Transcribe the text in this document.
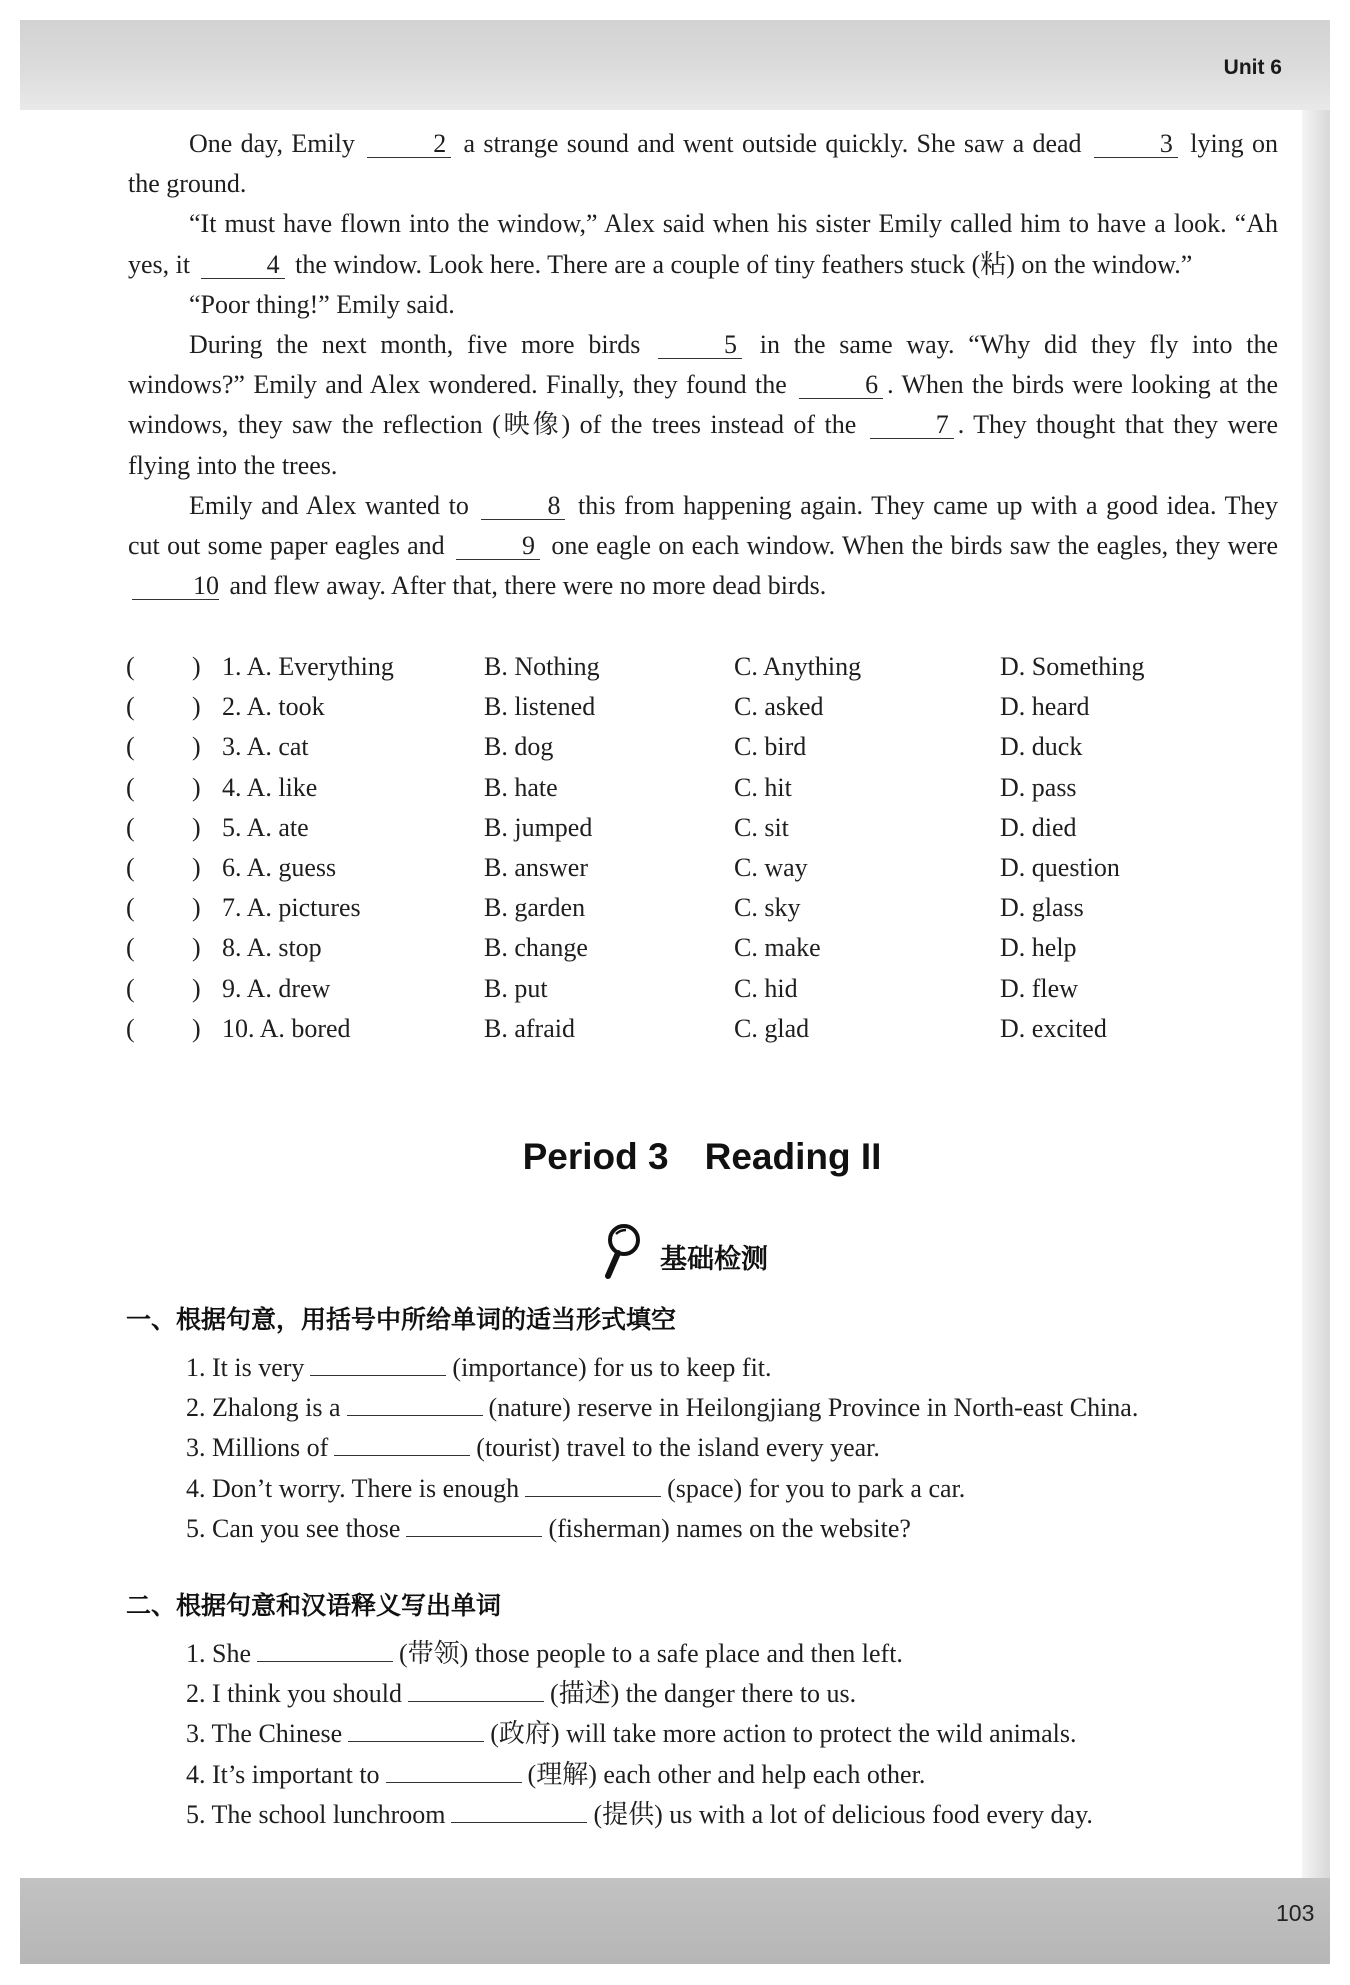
Unit 6
103

One day, Emily	2 a strange sound and went outside quickly. She saw a dead	3 lying on the ground.

“It must have flown into the window,” Alex said when his sister Emily called him to have a look. “Ah yes, it	4 the window. Look here. There are a couple of tiny feathers stuck (粘) on the window.”

“Poor thing!” Emily said.

During the next month, five more birds	5 in the same way. “Why did they fly into the windows?” Emily and Alex wondered. Finally, they found the	6 . When the birds were looking at the windows, they saw the reflection (映像) of the trees instead of the	7 . They thought that they were flying into the trees.

Emily and Alex wanted to	8 this from happening again. They came up with a good idea. They cut out some paper eagles and	9 one eagle on each window. When the birds saw the eagles, they were 10 and flew away. After that, there were no more dead birds.

( ) 1. A. Everything	B. Nothing	C. Anything	D. Something
( ) 2. A. took	B. listened	C. asked	D. heard
( ) 3. A. cat	B. dog	C. bird	D. duck
( ) 4. A. like	B. hate	C. hit	D. pass
( ) 5. A. ate	B. jumped	C. sit	D. died
( ) 6. A. guess	B. answer	C. way	D. question
( ) 7. A. pictures	B. garden	C. sky	D. glass
( ) 8. A. stop	B. change	C. make	D. help
( ) 9. A. drew	B. put	C. hid	D. flew
( ) 10. A. bored	B. afraid	C. glad	D. excited
Period 3 Reading II
基础检测
一、根据句意，用括号中所给单词的适当形式填空
1. It is very	(importance) for us to keep fit.
2. Zhalong is a	(nature) reserve in Heilongjiang Province in North-east China.
3. Millions of	(tourist) travel to the island every year.
4. Don’t worry. There is enough	(space) for you to park a car.
5. Can you see those	(fisherman) names on the website?
二、根据句意和汉语释义写出单词
1. She	(带领) those people to a safe place and then left.
2. I think you should	(描述) the danger there to us.
3. The Chinese	(政府) will take more action to protect the wild animals.
4. It’s important to	(理解) each other and help each other.
5. The school lunchroom	(提供) us with a lot of delicious food every day.
